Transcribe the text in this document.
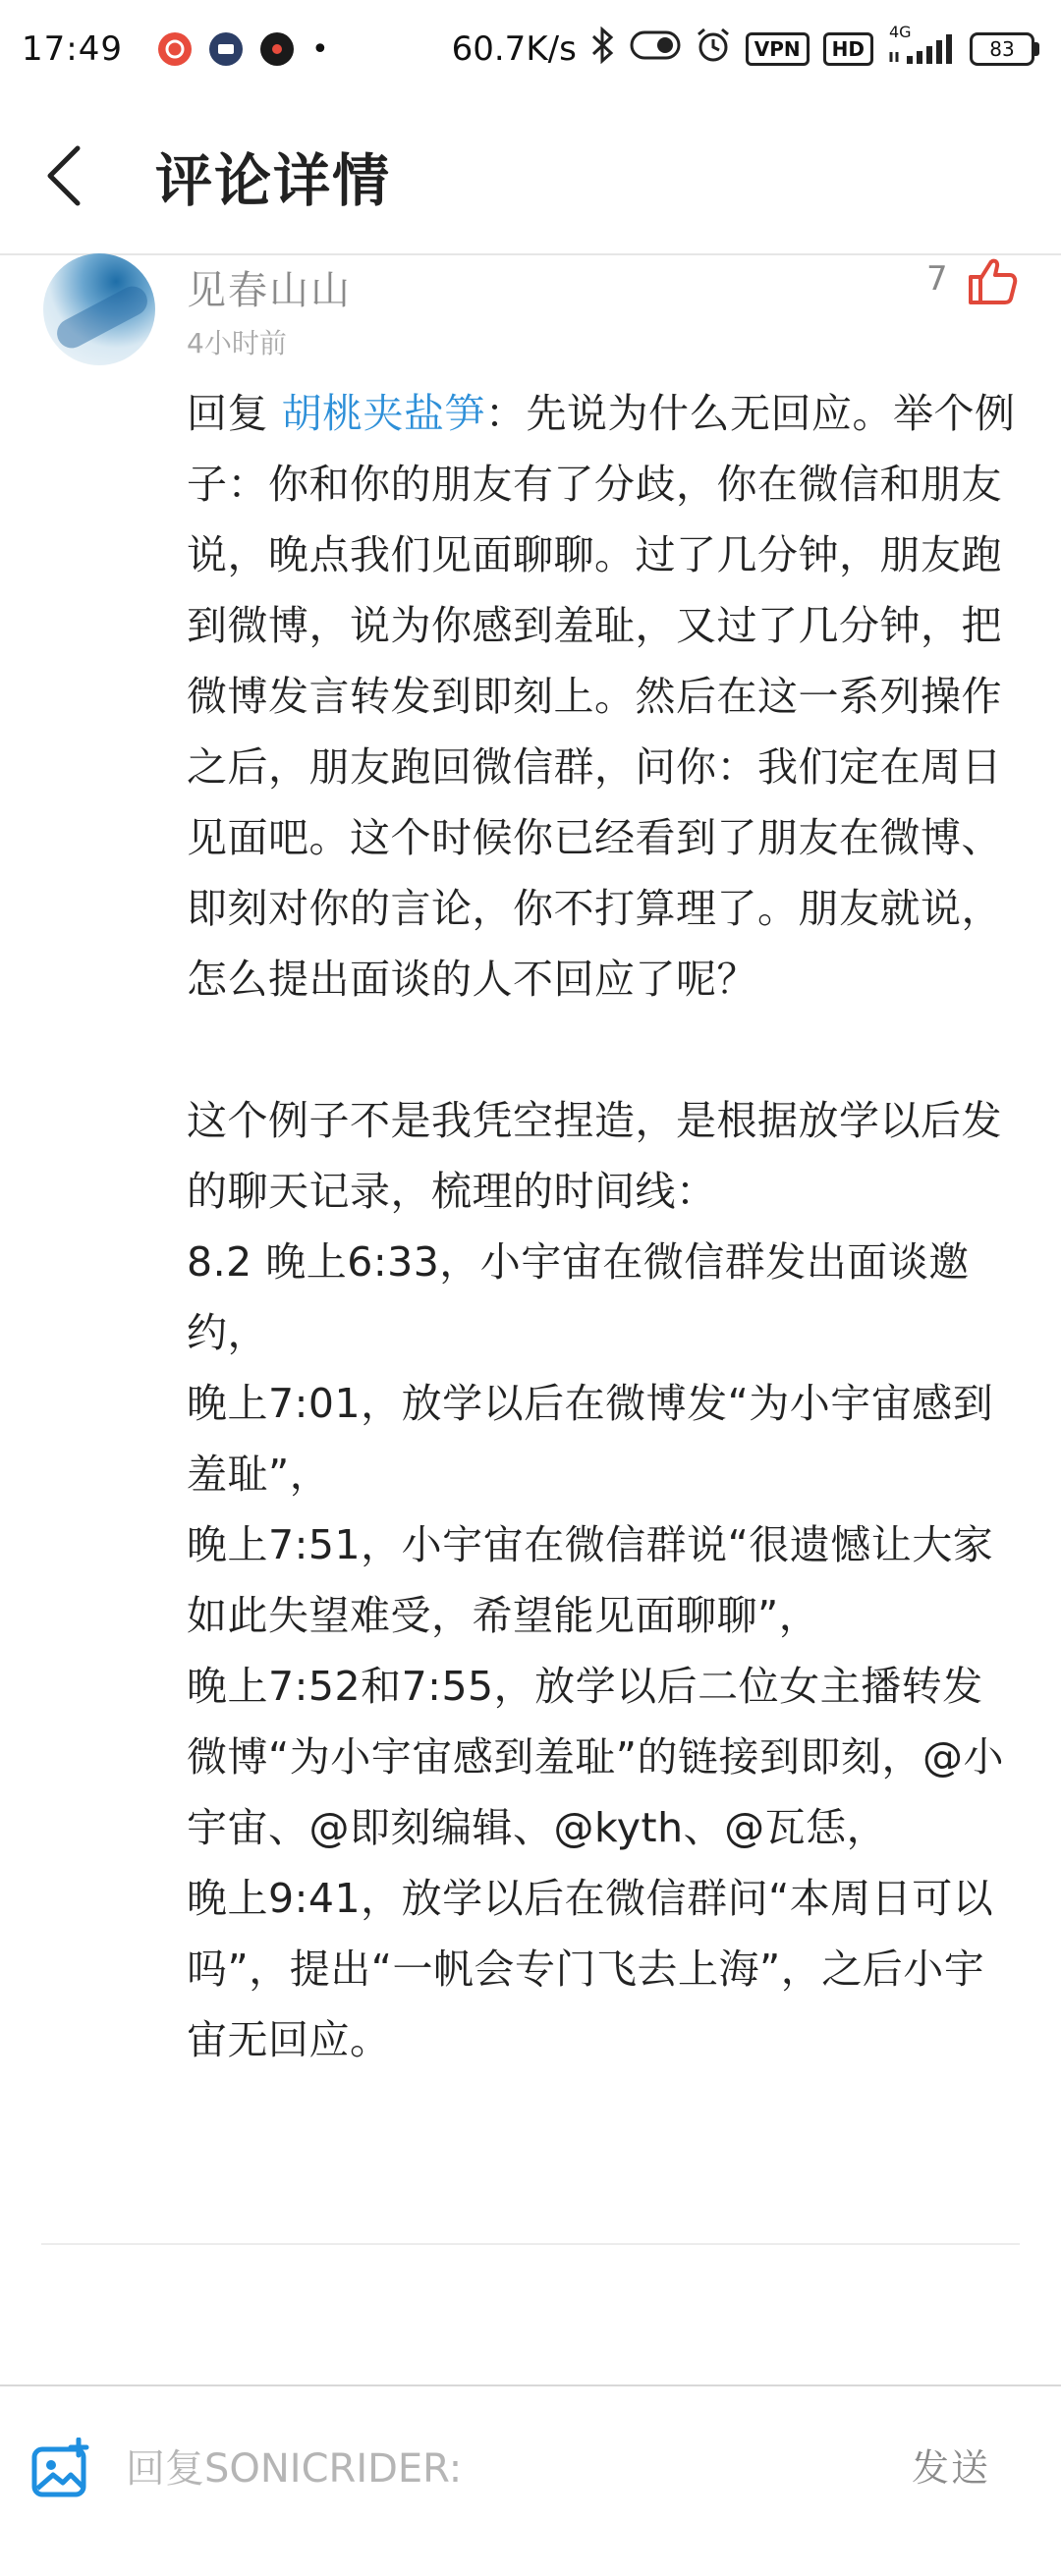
17:49	•	60.7K/s	VPN	HD
4G
83
评论详情
见春山山
4小时前
7
回复 胡桃夹盐笋：先说为什么无回应。举个例子：你和你的朋友有了分歧，你在微信和朋友说，晚点我们见面聊聊。过了几分钟，朋友跑到微博，说为你感到羞耻，又过了几分钟，把微博发言转发到即刻上。然后在这一系列操作之后，朋友跑回微信群，问你：我们定在周日见面吧。这个时候你已经看到了朋友在微博、即刻对你的言论，你不打算理了。朋友就说，怎么提出面谈的人不回应了呢？
这个例子不是我凭空捏造，是根据放学以后发的聊天记录，梳理的时间线：
8.2 晚上6:33，小宇宙在微信群发出面谈邀约，
晚上7:01，放学以后在微博发“为小宇宙感到羞耻”，
晚上7:51，小宇宙在微信群说“很遗憾让大家如此失望难受，希望能见面聊聊”，
晚上7:52和7:55，放学以后二位女主播转发微博“为小宇宙感到羞耻”的链接到即刻，@小宇宙、@即刻编辑、@kyth、@瓦恁，
晚上9:41，放学以后在微信群问“本周日可以吗”，提出“一帆会专门飞去上海”，之后小宇宙无回应。
回复SONICRIDER:
发送
